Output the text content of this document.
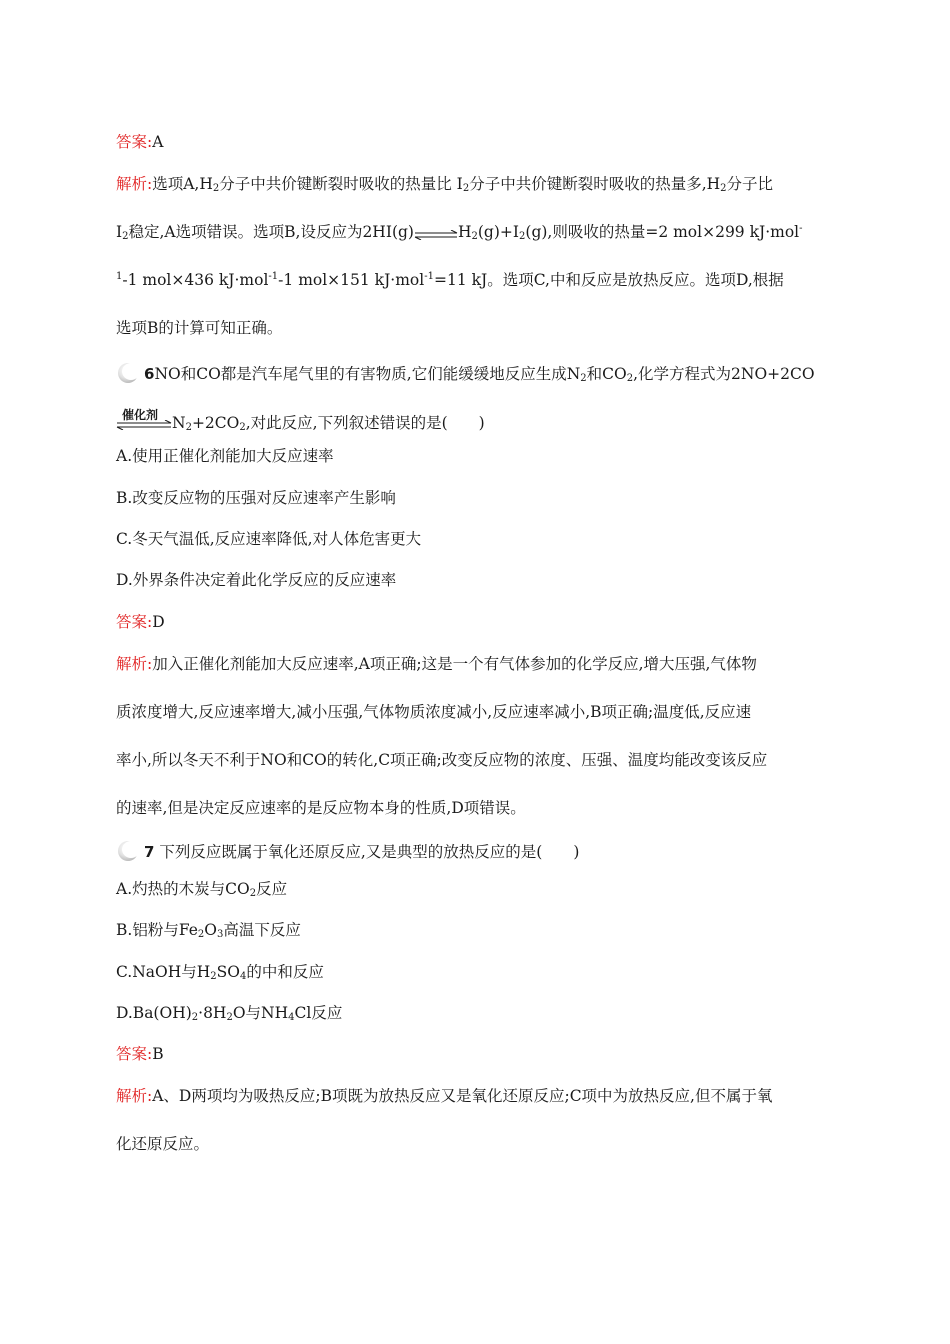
答案:A

解析:选项$A,H_2$分子中共价键断裂时吸收的热量比 $I_2$分子中共价键断裂时吸收的热量多$,H_2$分子比

$I_2$稳定,A选项错误。选项B,设反应为$2HI(g)\rightleftharpoons H_2(g)+I_2(g)$,则吸收的热量=2 mol×299 kJ·mol-

$^1$-1 mol×436 kJ·mol$^{-1}$-1 mol×151 kJ·mol$^{-1}$=11 kJ。选项C,中和反应是放热反应。选项D,根据

选项B的计算可知正确。

6NO和CO都是汽车尾气里的有害物质,它们能缓缓地反应生成$N_2$和$CO_2$,化学方程式为2NO+2CO

催化剂 $N_2+2CO_2$,对此反应,下列叙述错误的是(　　)

A.使用正催化剂能加大反应速率

B.改变反应物的压强对反应速率产生影响

C.冬天气温低,反应速率降低,对人体危害更大

D.外界条件决定着此化学反应的反应速率

答案:D

解析:加入正催化剂能加大反应速率,A项正确;这是一个有气体参加的化学反应,增大压强,气体物

质浓度增大,反应速率增大,减小压强,气体物质浓度减小,反应速率减小,B项正确;温度低,反应速

率小,所以冬天不利于NO和CO的转化,C项正确;改变反应物的浓度、压强、温度均能改变该反应

的速率,但是决定反应速率的是反应物本身的性质,D项错误。

7 下列反应既属于氧化还原反应,又是典型的放热反应的是(　　)

A.灼热的木炭与$CO_2$反应

B.铝粉与$Fe_2O_3$高温下反应

C.NaOH与$H_2SO_4$的中和反应

$D.Ba(OH)_2\cdot 8H_2O$与$NH_4Cl$反应

答案:B

解析:A、D两项均为吸热反应;B项既为放热反应又是氧化还原反应;C项中为放热反应,但不属于氧

化还原反应。
